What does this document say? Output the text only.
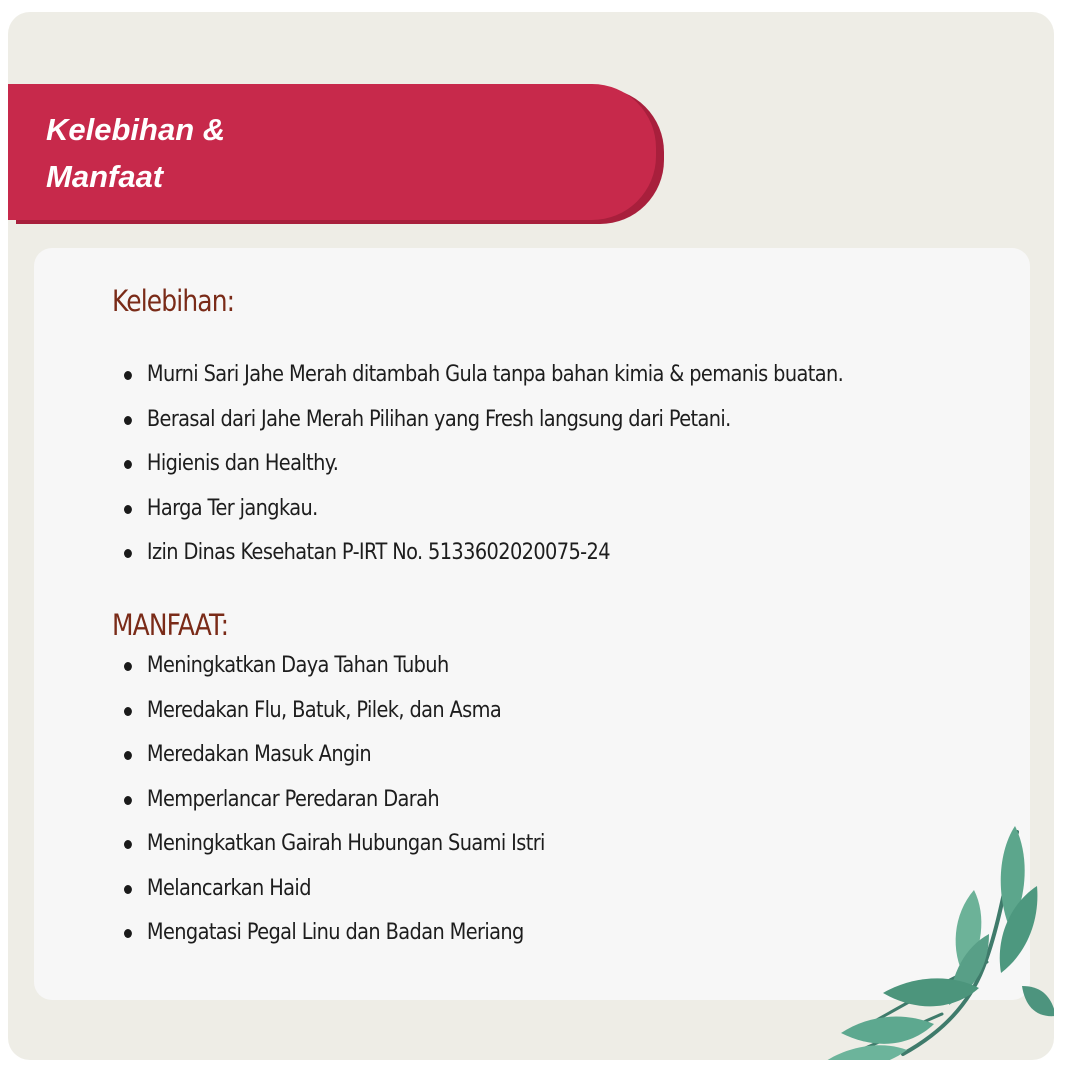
Kelebihan & Manfaat
Kelebihan:
Murni Sari Jahe Merah ditambah Gula tanpa bahan kimia & pemanis buatan.
Berasal dari Jahe Merah Pilihan yang Fresh langsung dari Petani.
Higienis dan Healthy.
Harga Ter jangkau.
Izin Dinas Kesehatan P-IRT No. 5133602020075-24
MANFAAT:
Meningkatkan Daya Tahan Tubuh
Meredakan Flu, Batuk, Pilek, dan Asma
Meredakan Masuk Angin
Memperlancar Peredaran Darah
Meningkatkan Gairah Hubungan Suami Istri
Melancarkan Haid
Mengatasi Pegal Linu dan Badan Meriang
